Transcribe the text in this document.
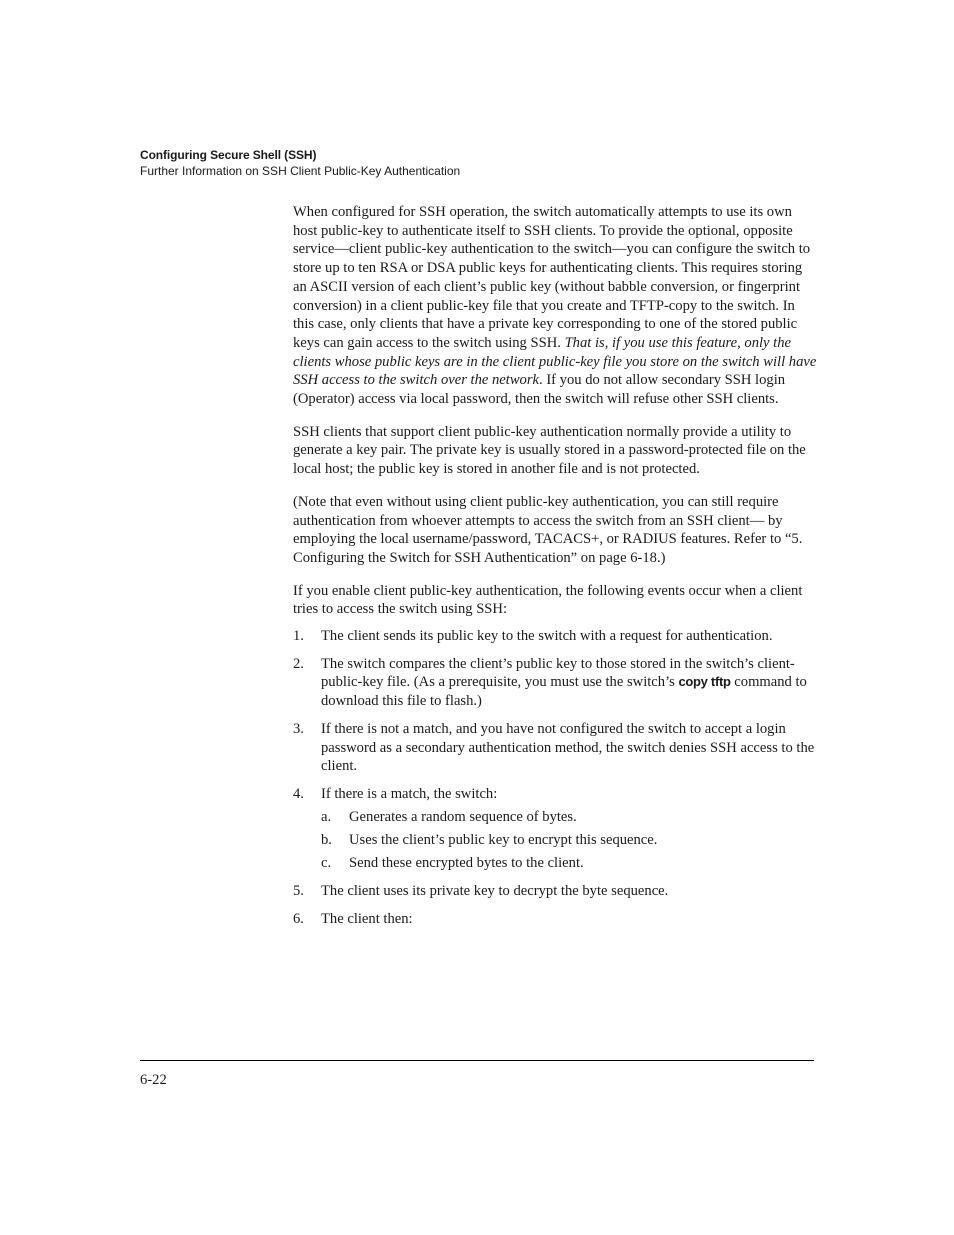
Configuring Secure Shell (SSH)
Further Information on SSH Client Public-Key Authentication

When configured for SSH operation, the switch automatically attempts to use its own host public-key to authenticate itself to SSH clients. To provide the optional, opposite service—client public-key authentication to the switch—you can configure the switch to store up to ten RSA or DSA public keys for authenticating clients. This requires storing an ASCII version of each client’s public key (without babble conversion, or fingerprint conversion) in a client public-key file that you create and TFTP-copy to the switch. In this case, only clients that have a private key corresponding to one of the stored public keys can gain access to the switch using SSH. That is, if you use this feature, only the clients whose public keys are in the client public-key file you store on the switch will have SSH access to the switch over the network. If you do not allow secondary SSH login (Operator) access via local password, then the switch will refuse other SSH clients.

SSH clients that support client public-key authentication normally provide a utility to generate a key pair. The private key is usually stored in a password-protected file on the local host; the public key is stored in another file and is not protected.

(Note that even without using client public-key authentication, you can still require authentication from whoever attempts to access the switch from an SSH client— by employing the local username/password, TACACS+, or RADIUS features. Refer to “5. Configuring the Switch for SSH Authentication” on page 6-18.)

If you enable client public-key authentication, the following events occur when a client tries to access the switch using SSH:

1. The client sends its public key to the switch with a request for authentication.
2. The switch compares the client’s public key to those stored in the switch’s client-public-key file. (As a prerequisite, you must use the switch’s copy tftp command to download this file to flash.)
3. If there is not a match, and you have not configured the switch to accept a login password as a secondary authentication method, the switch denies SSH access to the client.
4. If there is a match, the switch:
a. Generates a random sequence of bytes.
b. Uses the client’s public key to encrypt this sequence.
c. Send these encrypted bytes to the client.
5. The client uses its private key to decrypt the byte sequence.
6. The client then:
6-22
